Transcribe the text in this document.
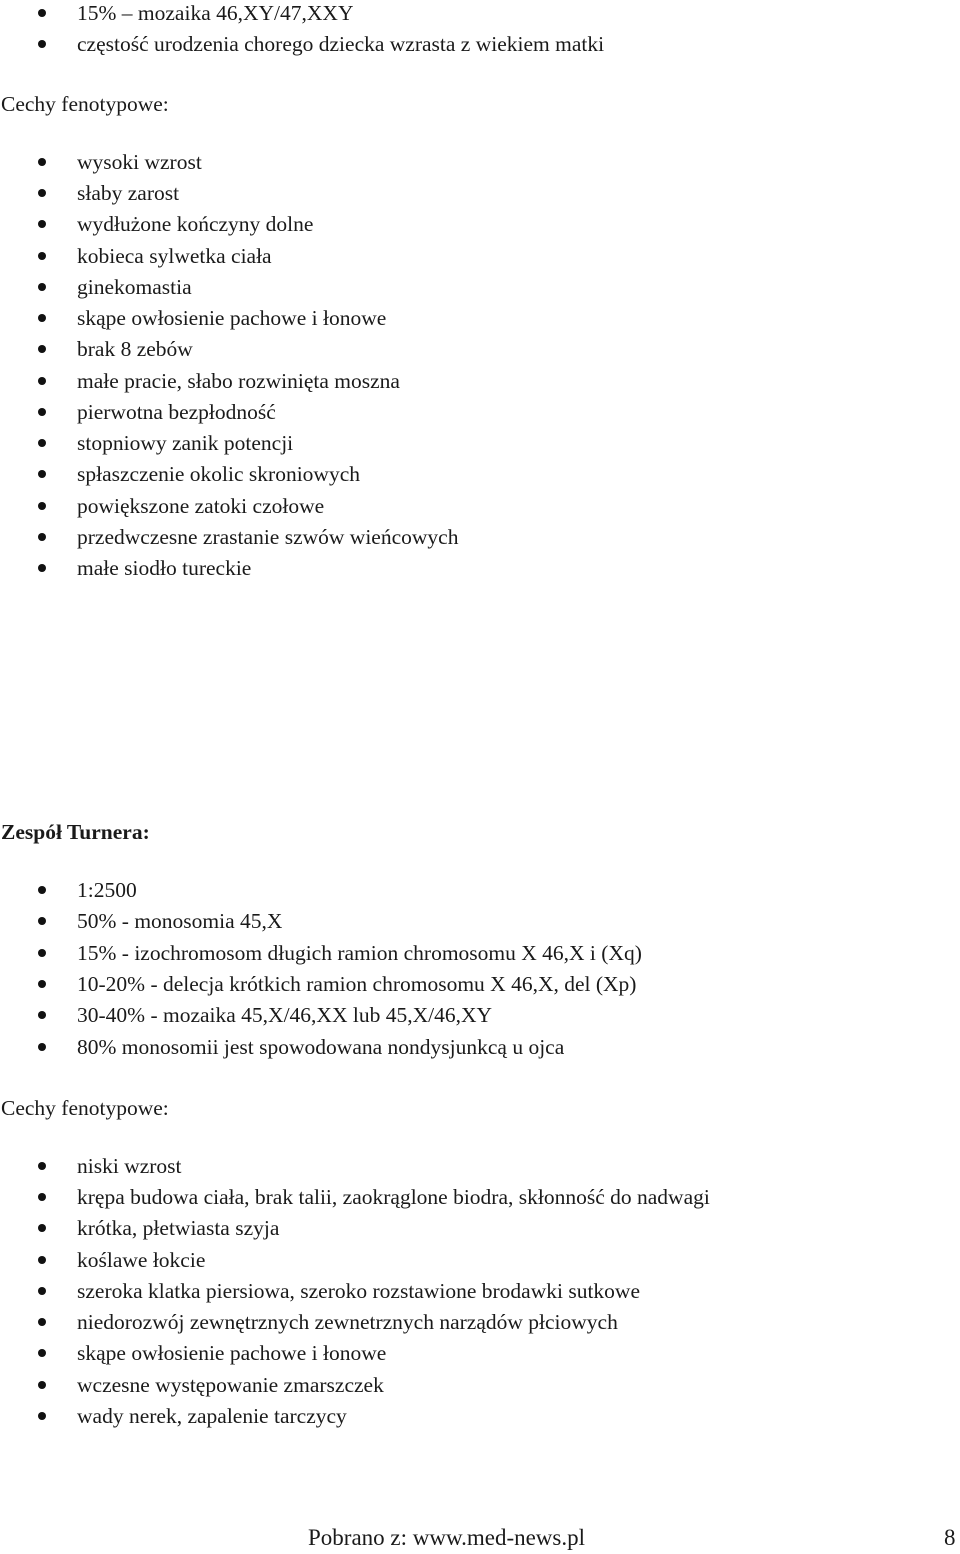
15% – mozaika 46,XY/47,XXY
częstość urodzenia chorego dziecka wzrasta z wiekiem matki
Cechy fenotypowe:
wysoki wzrost
słaby zarost
wydłużone kończyny dolne
kobieca sylwetka ciała
ginekomastia
skąpe owłosienie pachowe i łonowe
brak 8 zebów
małe pracie, słabo rozwinięta moszna
pierwotna bezpłodność
stopniowy zanik potencji
spłaszczenie okolic skroniowych
powiększone zatoki czołowe
przedwczesne zrastanie szwów wieńcowych
małe siodło tureckie
Zespół Turnera:
1:2500
50% - monosomia 45,X
15% - izochromosom długich ramion chromosomu X 46,X i (Xq)
10-20% - delecja krótkich ramion chromosomu X 46,X, del (Xp)
30-40% - mozaika 45,X/46,XX lub 45,X/46,XY
80% monosomii jest spowodowana nondysjunkcą u ojca
Cechy fenotypowe:
niski wzrost
krępa budowa ciała, brak talii, zaokrąglone biodra, skłonność do nadwagi
krótka, płetwiasta szyja
koślawe łokcie
szeroka klatka piersiowa, szeroko rozstawione brodawki sutkowe
niedorozwój zewnętrznych zewnetrznych narządów płciowych
skąpe owłosienie pachowe i łonowe
wczesne występowanie zmarszczek
wady nerek, zapalenie tarczycy
Pobrano z: www.med-news.pl	8
